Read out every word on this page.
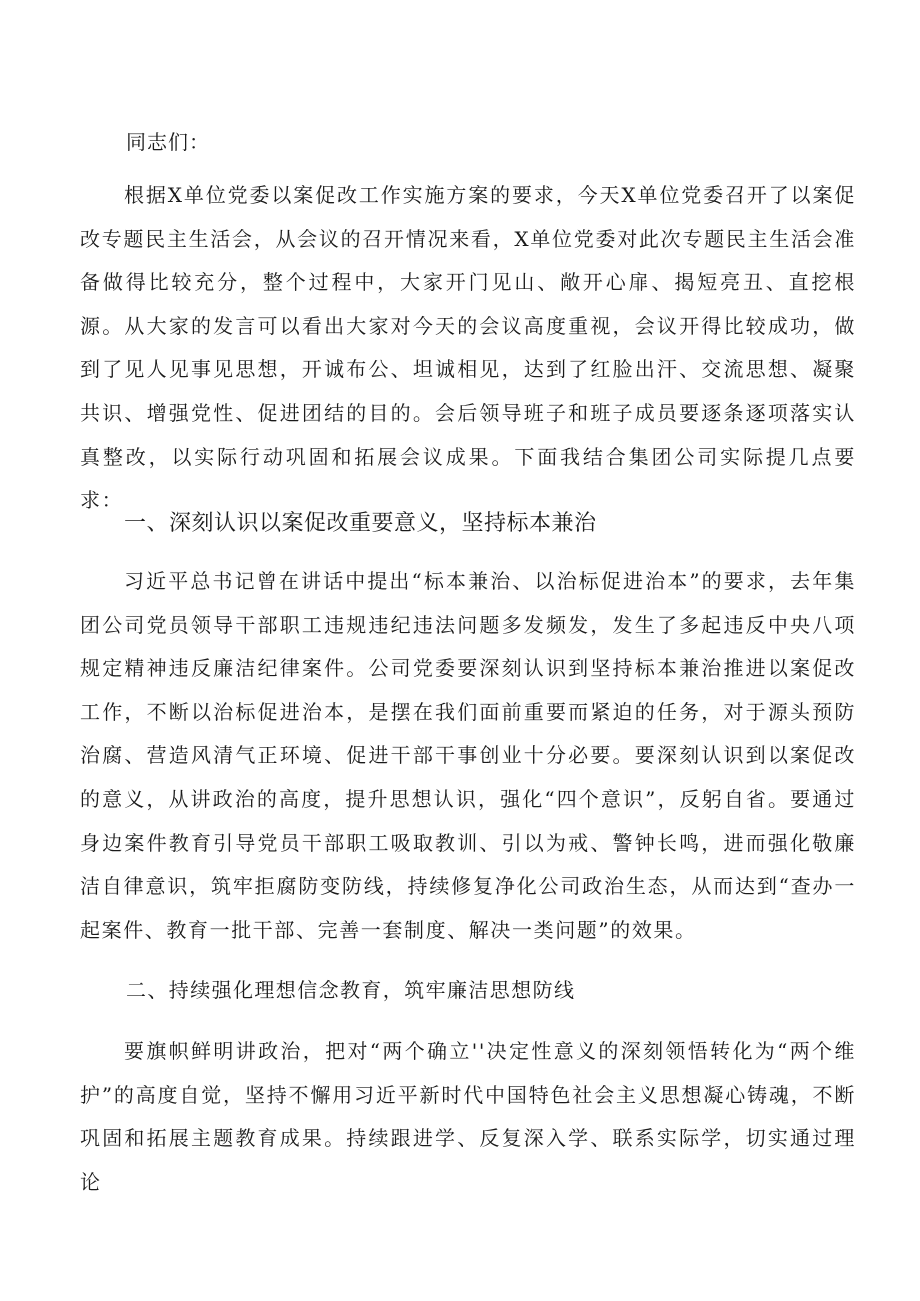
同志们：

根据X单位党委以案促改工作实施方案的要求，今天X单位党委召开了以案促改专题民主生活会，从会议的召开情况来看，X单位党委对此次专题民主生活会准备做得比较充分，整个过程中，大家开门见山、敞开心扉、揭短亮丑、直挖根源。从大家的发言可以看出大家对今天的会议高度重视，会议开得比较成功，做到了见人见事见思想，开诚布公、坦诚相见，达到了红脸出汗、交流思想、凝聚共识、增强党性、促进团结的目的。会后领导班子和班子成员要逐条逐项落实认真整改，以实际行动巩固和拓展会议成果。下面我结合集团公司实际提几点要求：

一、深刻认识以案促改重要意义，坚持标本兼治

习近平总书记曾在讲话中提出“标本兼治、以治标促进治本”的要求，去年集团公司党员领导干部职工违规违纪违法问题多发频发，发生了多起违反中央八项规定精神违反廉洁纪律案件。公司党委要深刻认识到坚持标本兼治推进以案促改工作，不断以治标促进治本，是摆在我们面前重要而紧迫的任务，对于源头预防治腐、营造风清气正环境、促进干部干事创业十分必要。要深刻认识到以案促改的意义，从讲政治的高度，提升思想认识，强化“四个意识”，反躬自省。要通过身边案件教育引导党员干部职工吸取教训、引以为戒、警钟长鸣，进而强化敬廉洁自律意识，筑牢拒腐防变防线，持续修复净化公司政治生态，从而达到“查办一起案件、教育一批干部、完善一套制度、解决一类问题”的效果。

二、持续强化理想信念教育，筑牢廉洁思想防线

要旗帜鲜明讲政治，把对“两个确立''决定性意义的深刻领悟转化为“两个维护”的高度自觉，坚持不懈用习近平新时代中国特色社会主义思想凝心铸魂，不断巩固和拓展主题教育成果。持续跟进学、反复深入学、联系实际学，切实通过理论
